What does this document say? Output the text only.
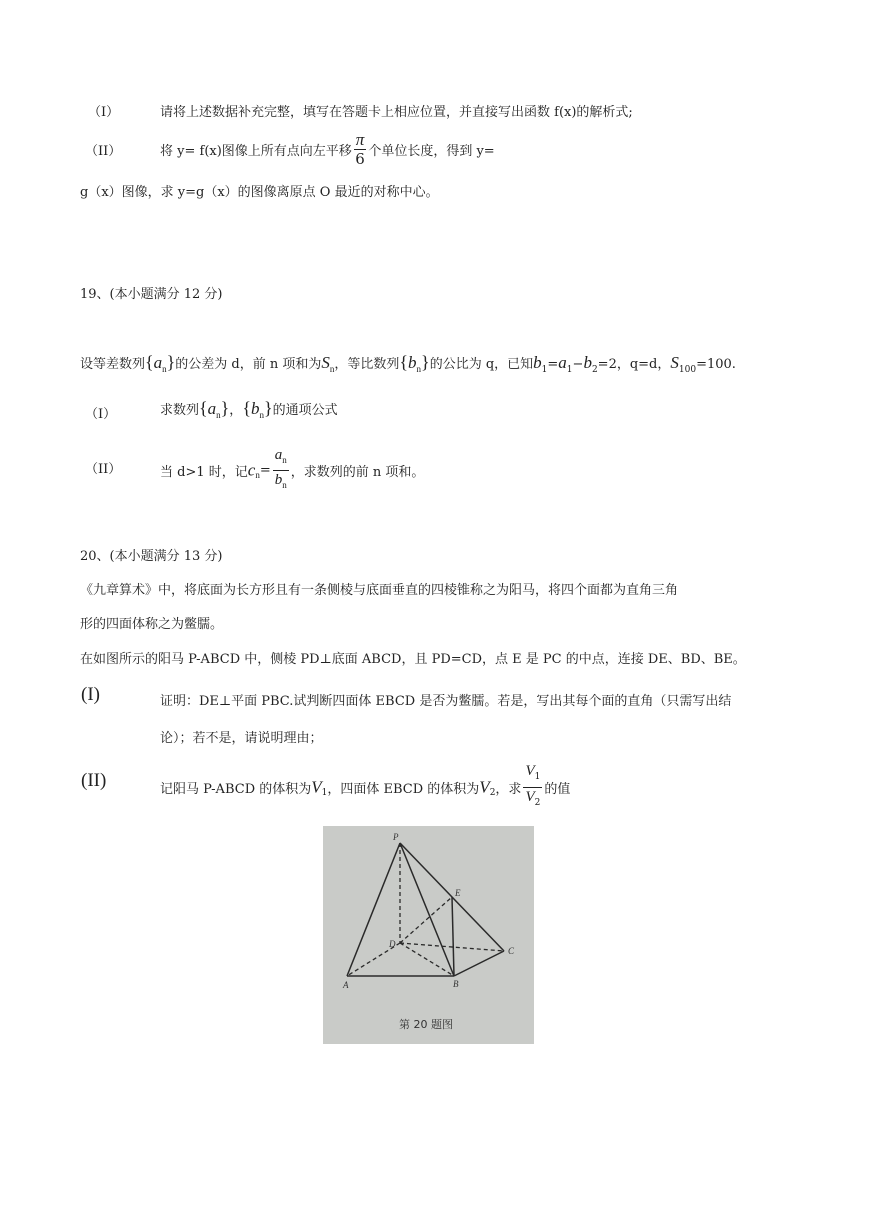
（I）	请将上述数据补充完整，填写在答题卡上相应位置，并直接写出函数 f(x)的解析式;
（II）	将 y= f(x)图像上所有点向左平移 $\frac{\pi}{6}$ 个单位长度，得到 y=
g（x）图像，求 y=g（x）的图像离原点 O 最近的对称中心。
19、(本小题满分 12 分)
设等差数列$\{a_n\}$的公差为 d，前 n 项和为$S_n$，等比数列$\{b_n\}$的公比为 q，已知$b_1=a_1-b_2=2$，q=d，$S_{100}=100$.
（I）	求数列$\{a_n\}$，$\{b_n\}$的通项公式
（II）	当 d>1 时，记$c_n= \frac{a_n}{b_n}$ ，求数列的前 n 项和。
20、(本小题满分 13 分)
《九章算术》中，将底面为长方形且有一条侧棱与底面垂直的四棱锥称之为阳马，将四个面都为直角三角
形的四面体称之为鳖臑。
在如图所示的阳马 P-ABCD 中，侧棱 PD⊥底面 ABCD，且 PD=CD，点 E 是 PC 的中点，连接 DE、BD、BE。
(I)	证明：DE⊥平面 PBC.试判断四面体 EBCD 是否为鳖臑。若是，写出其每个面的直角（只需写出结
论）；若不是，请说明理由；
(II)	记阳马 P-ABCD 的体积为$V_1$，四面体 EBCD 的体积为$V_2$，求 $\frac{V_1}{V_2}$ 的值
P
E
D
C
A	B
第 20 题图
